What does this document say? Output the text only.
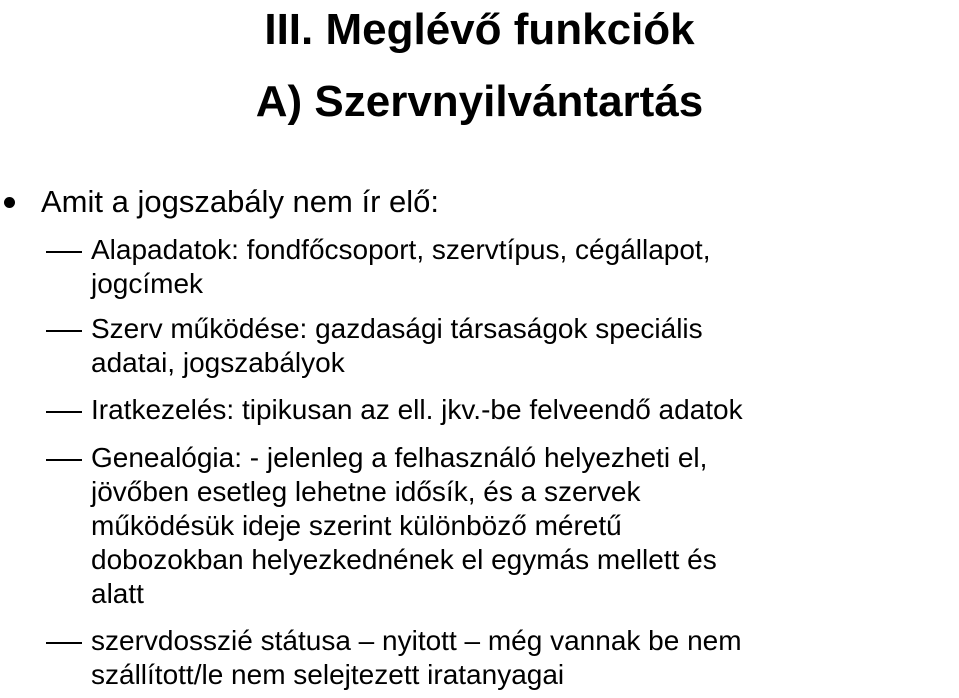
III. Meglévő funkciók
A) Szervnyilvántartás
Amit a jogszabály nem ír elő:

Alapadatok: fondfőcsoport, szervtípus, cégállapot,
jogcímek

Szerv működése: gazdasági társaságok speciális
adatai, jogszabályok

Iratkezelés: tipikusan az ell. jkv.-be felveendő adatok

Genealógia: - jelenleg a felhasználó helyezheti el,
jövőben esetleg lehetne idősík, és a szervek
működésük ideje szerint különböző méretű
dobozokban helyezkednének el egymás mellett és
alatt

szervdosszié státusa – nyitott – még vannak be nem
szállított/le nem selejtezett iratanyagai
